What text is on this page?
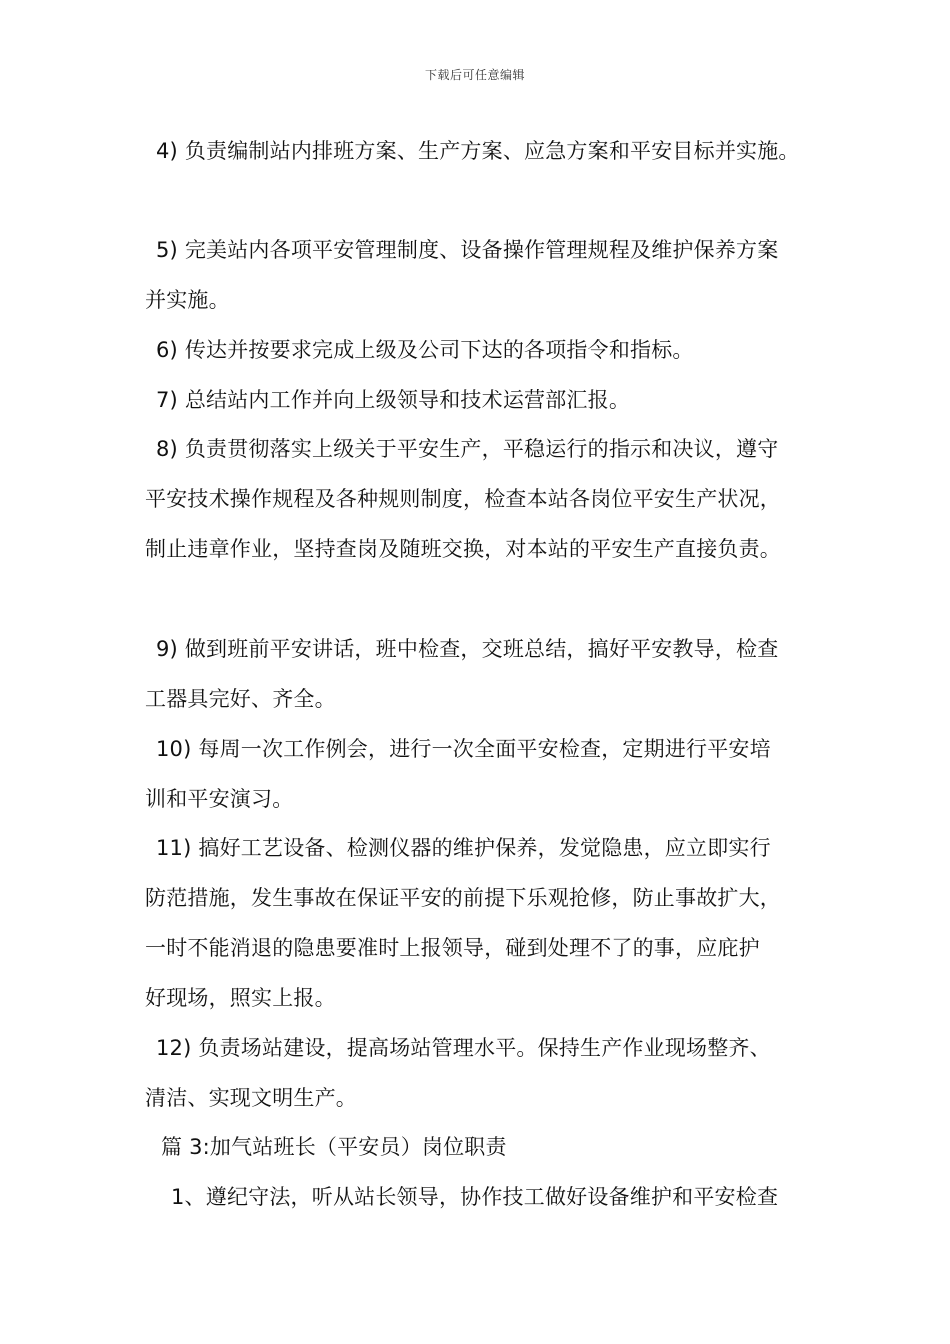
下载后可任意编辑
4) 负责编制站内排班方案、生产方案、应急方案和平安目标并实施。
5) 完美站内各项平安管理制度、设备操作管理规程及维护保养方案
并实施。
6) 传达并按要求完成上级及公司下达的各项指令和指标。
7) 总结站内工作并向上级领导和技术运营部汇报。
8) 负责贯彻落实上级关于平安生产，平稳运行的指示和决议，遵守
平安技术操作规程及各种规则制度，检查本站各岗位平安生产状况，
制止违章作业，坚持查岗及随班交换，对本站的平安生产直接负责。
9) 做到班前平安讲话，班中检查，交班总结，搞好平安教导，检查
工器具完好、齐全。
10) 每周一次工作例会，进行一次全面平安检查，定期进行平安培
训和平安演习。
11) 搞好工艺设备、检测仪器的维护保养，发觉隐患，应立即实行
防范措施，发生事故在保证平安的前提下乐观抢修，防止事故扩大，
一时不能消退的隐患要准时上报领导，碰到处理不了的事，应庇护
好现场，照实上报。
12) 负责场站建设，提高场站管理水平。保持生产作业现场整齐、
清洁、实现文明生产。
篇 3:加气站班长（平安员）岗位职责
1、遵纪守法，听从站长领导，协作技工做好设备维护和平安检查
